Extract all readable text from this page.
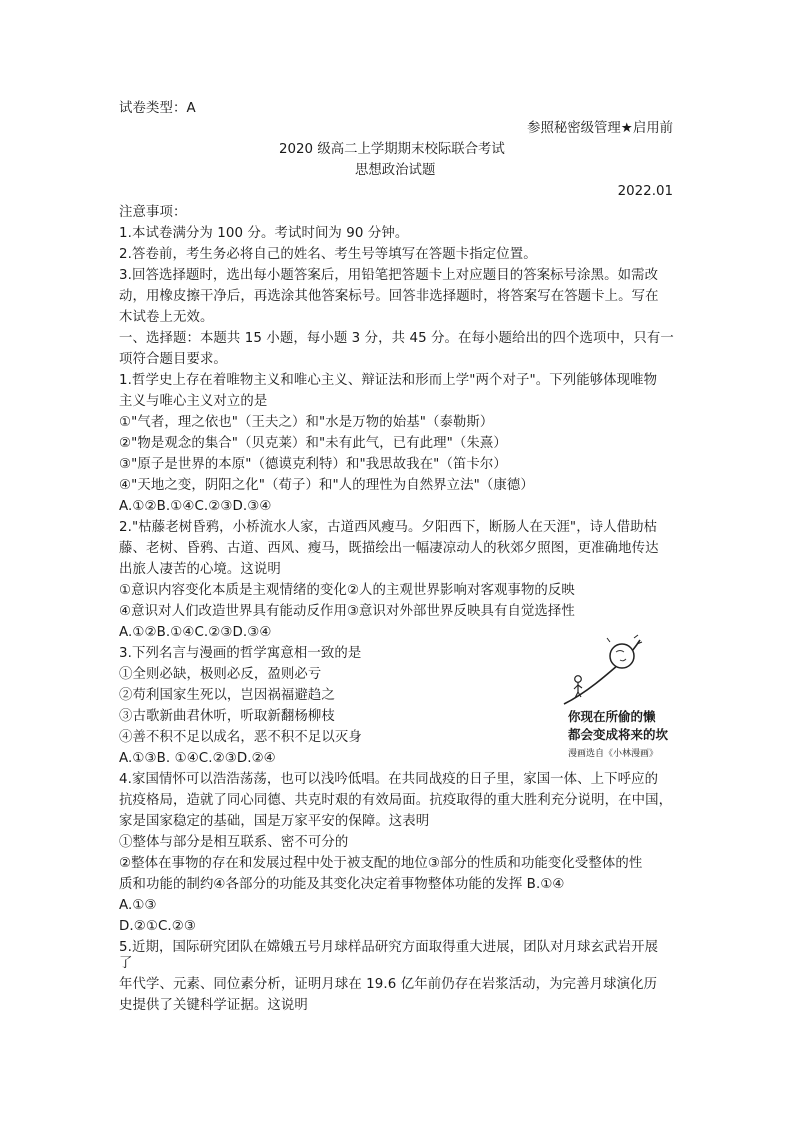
试卷类型：A
参照秘密级管理★启用前
2020 级高二上学期期末校际联合考试
思想政治试题
2022.01
注意事项：
1.本试卷满分为 100 分。考试时间为 90 分钟。
2.答卷前，考生务必将自己的姓名、考生号等填写在答题卡指定位置。
3.回答选择题时，选出每小题答案后，用铅笔把答题卡上对应题目的答案标号涂黑。如需改
动，用橡皮擦干净后，再选涂其他答案标号。回答非选择题时，将答案写在答题卡上。写在
木试卷上无效。
一、选择题：本题共 15 小题，每小题 3 分，共 45 分。在每小题给出的四个选项中，只有一
项符合题目要求。
1.哲学史上存在着唯物主义和唯心主义、辩证法和形而上学"两个对子"。下列能够体现唯物
主义与唯心主义对立的是
①"气者，理之依也"（王夫之）和"水是万物的始基"（泰勒斯）
②"物是观念的集合"（贝克莱）和"未有此气，已有此理"（朱熹）
③"原子是世界的本原"（德谟克利特）和"我思故我在"（笛卡尔）
④"天地之变，阴阳之化"（荀子）和"人的理性为自然界立法"（康德）
A.①②B.①④C.②③D.③④
2."枯藤老树昏鸦，小桥流水人家，古道西风瘦马。夕阳西下，断肠人在天涯"，诗人借助枯
藤、老树、昏鸦、古道、西风、瘦马，既描绘出一幅凄凉动人的秋郊夕照图，更准确地传达
出旅人凄苦的心境。这说明
①意识内容变化本质是主观情绪的变化②人的主观世界影响对客观事物的反映
④意识对人们改造世界具有能动反作用③意识对外部世界反映具有自觉选择性
A.①②B.①④C.②③D.③④
3.下列名言与漫画的哲学寓意相一致的是
①全则必缺，极则必反，盈则必亏
②苟利国家生死以，岂因祸福避趋之
③古歌新曲君休听，听取新翻杨柳枝
④善不积不足以成名，恶不积不足以灭身
A.①③B. ①④C.②③D.②④
你现在所偷的懒
都会变成将来的坎
漫画选自《小林漫画》
4.家国情怀可以浩浩荡荡，也可以浅吟低唱。在共同战疫的日子里，家国一体、上下呼应的
抗疫格局，造就了同心同德、共克时艰的有效局面。抗疫取得的重大胜利充分说明，在中国，
家是国家稳定的基础，国是万家平安的保障。这表明
①整体与部分是相互联系、密不可分的
②整体在事物的存在和发展过程中处于被支配的地位③部分的性质和功能变化受整体的性
质和功能的制约④各部分的功能及其变化决定着事物整体功能的发挥 B.①④
A.①③
D.②①C.②③
5.近期，国际研究团队在嫦娥五号月球样品研究方面取得重大进展，团队对月球玄武岩开展
了
年代学、元素、同位素分析，证明月球在 19.6 亿年前仍存在岩浆活动，为完善月球演化历
史提供了关键科学证据。这说明
